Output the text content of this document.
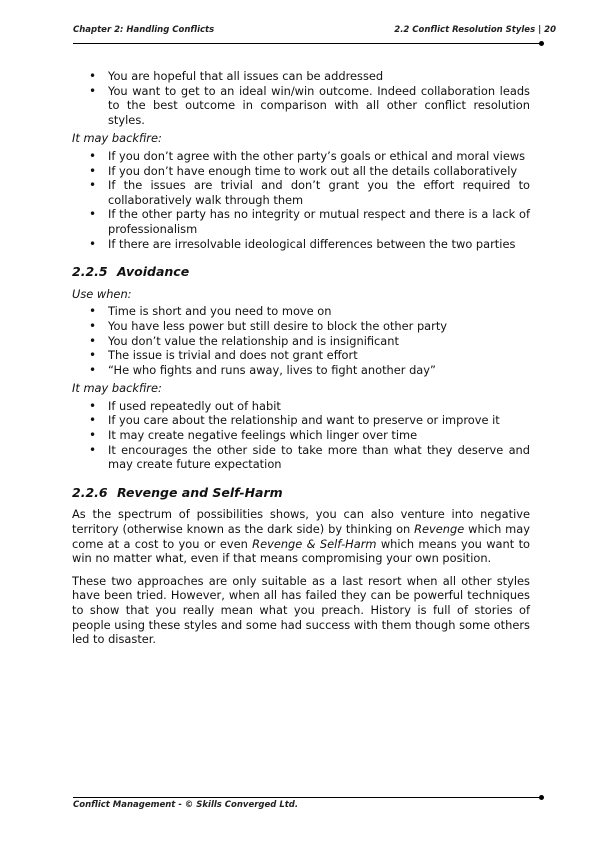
Chapter 2: Handling Conflicts	2.2 Conflict Resolution Styles | 20
• You are hopeful that all issues can be addressed
• You want to get to an ideal win/win outcome. Indeed collaboration leads to the best outcome in comparison with all other conflict resolution styles.
It may backfire:
• If you don’t agree with the other party’s goals or ethical and moral views
• If you don’t have enough time to work out all the details collaboratively
• If the issues are trivial and don’t grant you the effort required to collaboratively walk through them
• If the other party has no integrity or mutual respect and there is a lack of professionalism
• If there are irresolvable ideological differences between the two parties
2.2.5 Avoidance
Use when:
• Time is short and you need to move on
• You have less power but still desire to block the other party
• You don’t value the relationship and is insignificant
• The issue is trivial and does not grant effort
• “He who fights and runs away, lives to fight another day”
It may backfire:
• If used repeatedly out of habit
• If you care about the relationship and want to preserve or improve it
• It may create negative feelings which linger over time
• It encourages the other side to take more than what they deserve and may create future expectation
2.2.6 Revenge and Self-Harm

As the spectrum of possibilities shows, you can also venture into negative territory (otherwise known as the dark side) by thinking on Revenge which may come at a cost to you or even Revenge & Self-Harm which means you want to win no matter what, even if that means compromising your own position.

These two approaches are only suitable as a last resort when all other styles have been tried. However, when all has failed they can be powerful techniques to show that you really mean what you preach. History is full of stories of people using these styles and some had success with them though some others led to disaster.

Conflict Management - © Skills Converged Ltd.
